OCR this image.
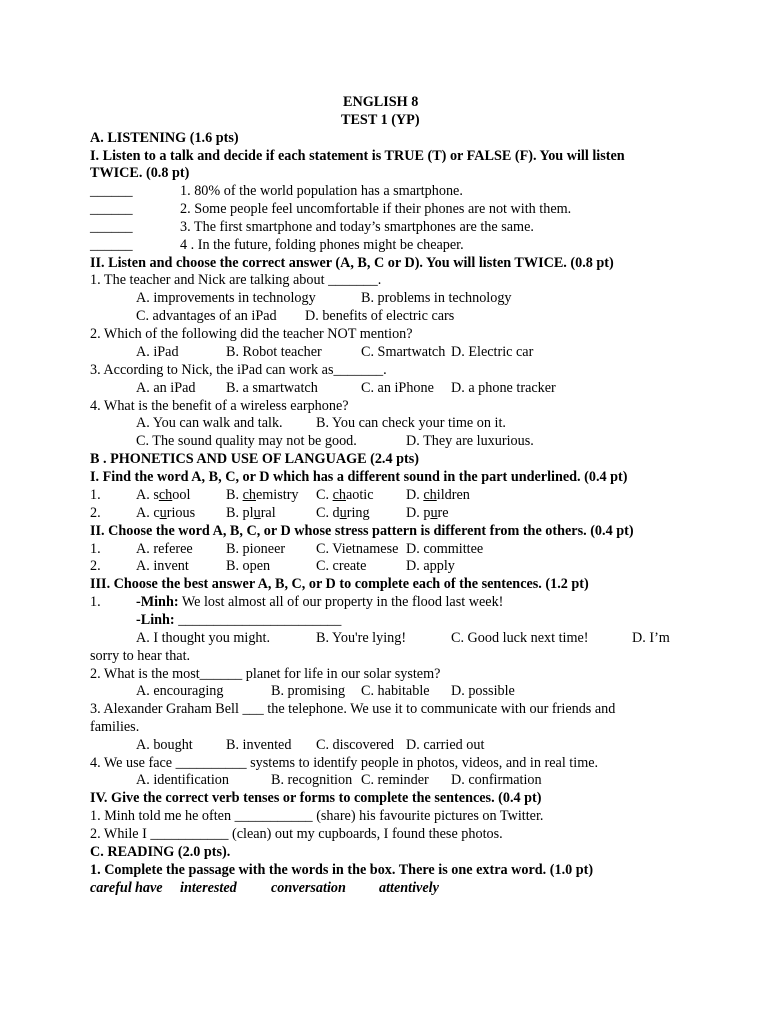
ENGLISH 8
TEST 1 (YP)
A. LISTENING (1.6 pts)
I. Listen to a talk and decide if each statement is TRUE (T) or FALSE (F). You will listen
TWICE. (0.8 pt)
______	1. 80% of the world population has a smartphone.
______	2. Some people feel uncomfortable if their phones are not with them.
______	3. The first smartphone and today’s smartphones are the same.
______	4 . In the future, folding phones might be cheaper.
II. Listen and choose the correct answer (A, B, C or D). You will listen TWICE. (0.8 pt)
1. The teacher and Nick are talking about _______.
A. improvements in technology	B. problems in technology
C. advantages of an iPad D. benefits of electric cars
2. Which of the following did the teacher NOT mention?
A. iPad	B. Robot teacher	C. Smartwatch D. Electric car
3. According to Nick, the iPad can work as_______.
A. an iPad B. a smartwatch	C. an iPhone D. a phone tracker
4. What is the benefit of a wireless earphone?
A. You can walk and talk. B. You can check your time on it.
C. The sound quality may not be good.	D. They are luxurious.
B . PHONETICS AND USE OF LANGUAGE (2.4 pts)
I. Find the word A, B, C, or D which has a different sound in the part underlined. (0.4 pt)
1. A. school	B. chemistry C. chaotic D. children
2. A. curious B. plural	C. during	D. pure
II. Choose the word A, B, C, or D whose stress pattern is different from the others. (0.4 pt)
1. A. referee B. pioneer C. Vietnamese D. committee
2. A. invent	B. open	C. create	D. apply
III. Choose the best answer A, B, C, or D to complete each of the sentences. (1.2 pt)
1. -Minh: We lost almost all of our property in the flood last week!
-Linh: _______________________
A. I thought you might.	B. You're lying!	C. Good luck next time!	D. I’m
sorry to hear that.
2. What is the most______ planet for life in our solar system?
A. encouraging	B. promising C. habitable D. possible
3. Alexander Graham Bell ___ the telephone. We use it to communicate with our friends and
families.
A. bought B. invented C. discovered D. carried out
4. We use face __________ systems to identify people in photos, videos, and in real time.
A. identification	B. recognition C. reminder D. confirmation
IV. Give the correct verb tenses or forms to complete the sentences. (0.4 pt)
1. Minh told me he often ___________ (share) his favourite pictures on Twitter.
2. While I ___________ (clean) out my cupboards, I found these photos.
C. READING (2.0 pts).
1. Complete the passage with the words in the box. There is one extra word. (1.0 pt)
careful have interested conversation attentively
